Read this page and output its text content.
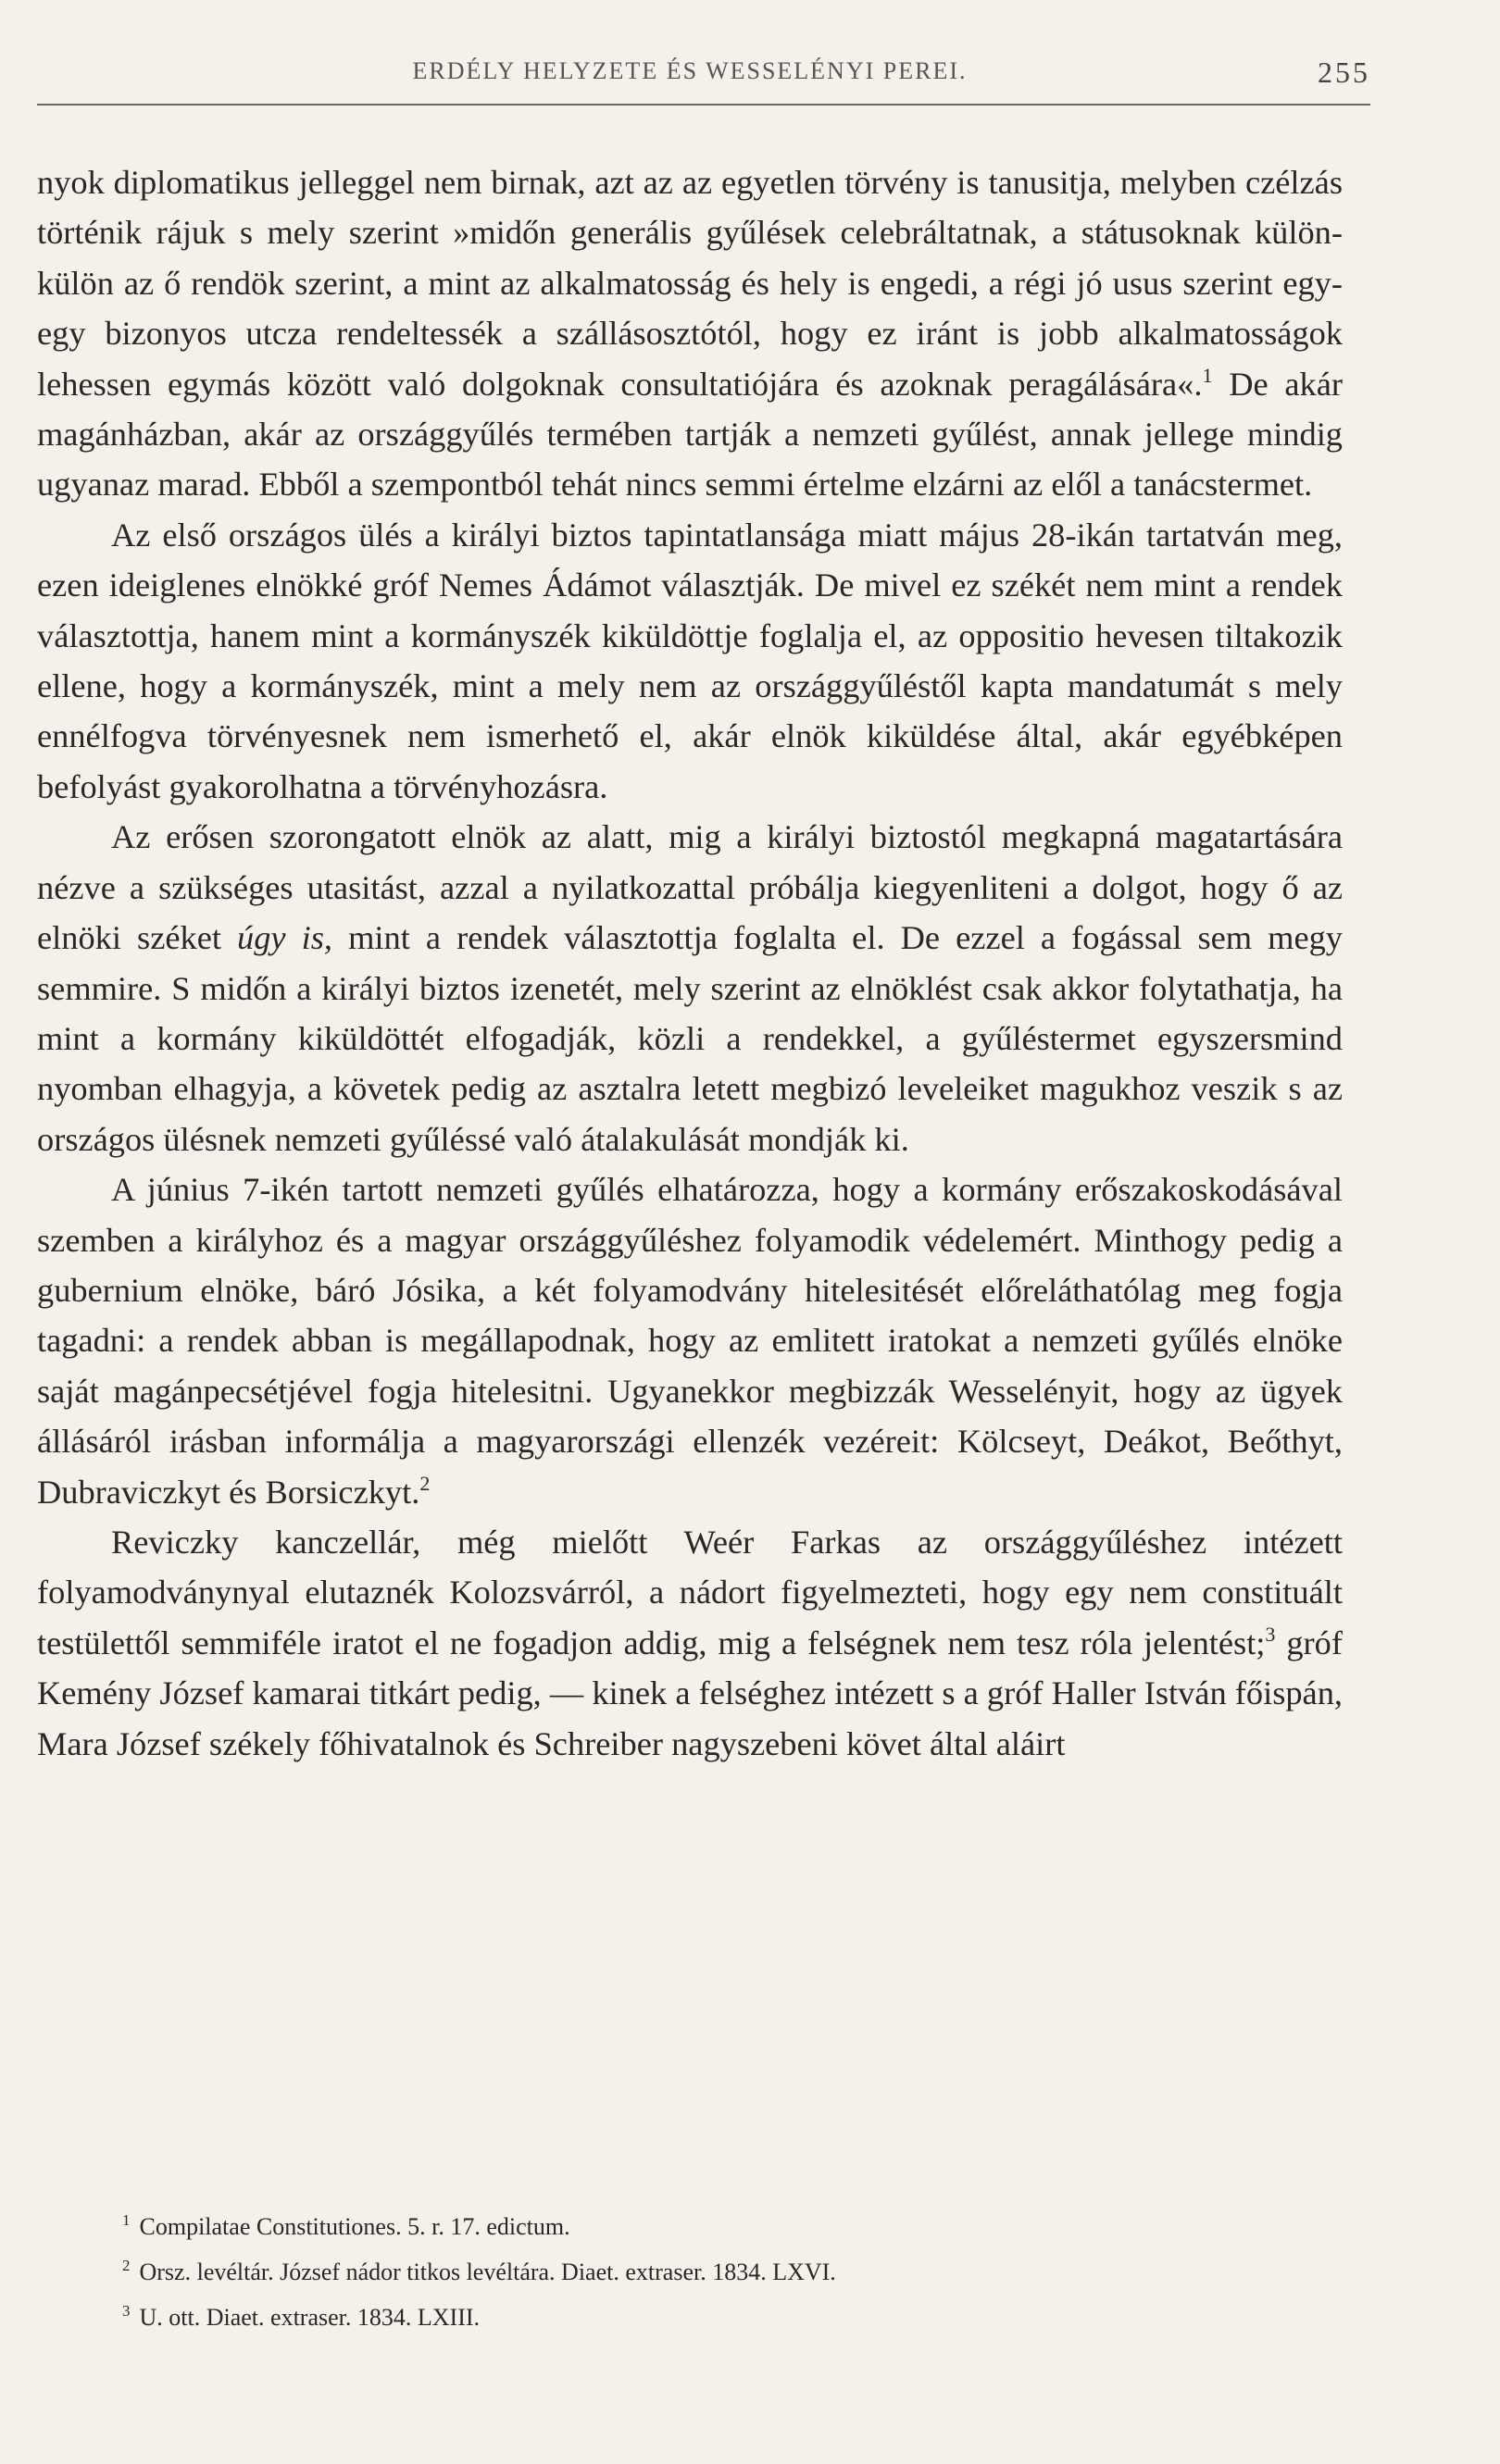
ERDÉLY HELYZETE ÉS WESSELÉNYI PEREI.	255

nyok diplomatikus jelleggel nem birnak, azt az az egyetlen törvény is tanusitja, melyben czélzás történik rájuk s mely szerint »midőn generális gyűlések celebráltatnak, a státusoknak külön-külön az ő rendök szerint, a mint az alkalmatosság és hely is engedi, a régi jó usus szerint egy-egy bizonyos utcza rendeltessék a szállásosztótól, hogy ez iránt is jobb alkalmatosságok lehessen egymás között való dolgoknak consultatiójára és azoknak peragálására«.$^1$ De akár magánházban, akár az országgyűlés termében tartják a nemzeti gyűlést, annak jellege mindig ugyanaz marad. Ebből a szempontból tehát nincs semmi értelme elzárni az elől a tanácstermet.

Az első országos ülés a királyi biztos tapintatlansága miatt május 28-ikán tartatván meg, ezen ideiglenes elnökké gróf Nemes Ádámot választják. De mivel ez székét nem mint a rendek választottja, hanem mint a kormányszék kiküldöttje foglalja el, az oppositio hevesen tiltakozik ellene, hogy a kormányszék, mint a mely nem az országgyűléstől kapta mandatumát s mely ennélfogva törvényesnek nem ismerhető el, akár elnök kiküldése által, akár egyébképen befolyást gyakorolhatna a törvényhozásra.

Az erősen szorongatott elnök az alatt, mig a királyi biztostól megkapná magatartására nézve a szükséges utasitást, azzal a nyilatkozattal próbálja kiegyenliteni a dolgot, hogy ő az elnöki széket úgy is, mint a rendek választottja foglalta el. De ezzel a fogással sem megy semmire. S midőn a királyi biztos izenetét, mely szerint az elnöklést csak akkor folytathatja, ha mint a kormány kiküldöttét elfogadják, közli a rendekkel, a gyűléstermet egyszersmind nyomban elhagyja, a követek pedig az asztalra letett megbizó leveleiket magukhoz veszik s az országos ülésnek nemzeti gyűléssé való átalakulását mondják ki.

A június 7-ikén tartott nemzeti gyűlés elhatározza, hogy a kormány erőszakoskodásával szemben a királyhoz és a magyar országgyűléshez folyamodik védelemért. Minthogy pedig a gubernium elnöke, báró Jósika, a két folyamodvány hitelesitését előreláthatólag meg fogja tagadni: a rendek abban is megállapodnak, hogy az emlitett iratokat a nemzeti gyűlés elnöke saját magánpecsétjével fogja hitelesitni. Ugyanekkor megbizzák Wesselényit, hogy az ügyek állásáról irásban informálja a magyarországi ellenzék vezéreit: Kölcseyt, Deákot, Beőthyt, Dubraviczkyt és Borsiczkyt.$^2$

Reviczky kanczellár, még mielőtt Weér Farkas az országgyűléshez intézett folyamodványnyal elutaznék Kolozsvárról, a nádort figyelmezteti, hogy egy nem constituált testülettől semmiféle iratot el ne fogadjon addig, mig a felségnek nem tesz róla jelentést;$^3$ gróf Kemény József kamarai titkárt pedig, — kinek a felséghez intézett s a gróf Haller István főispán, Mara József székely főhivatalnok és Schreiber nagyszebeni követ által aláirt

$^1$ Compilatae Constitutiones. 5. r. 17. edictum.
$^2$ Orsz. levéltár. József nádor titkos levéltára. Diaet. extraser. 1834. LXVI.
$^3$ U. ott. Diaet. extraser. 1834. LXIII.
